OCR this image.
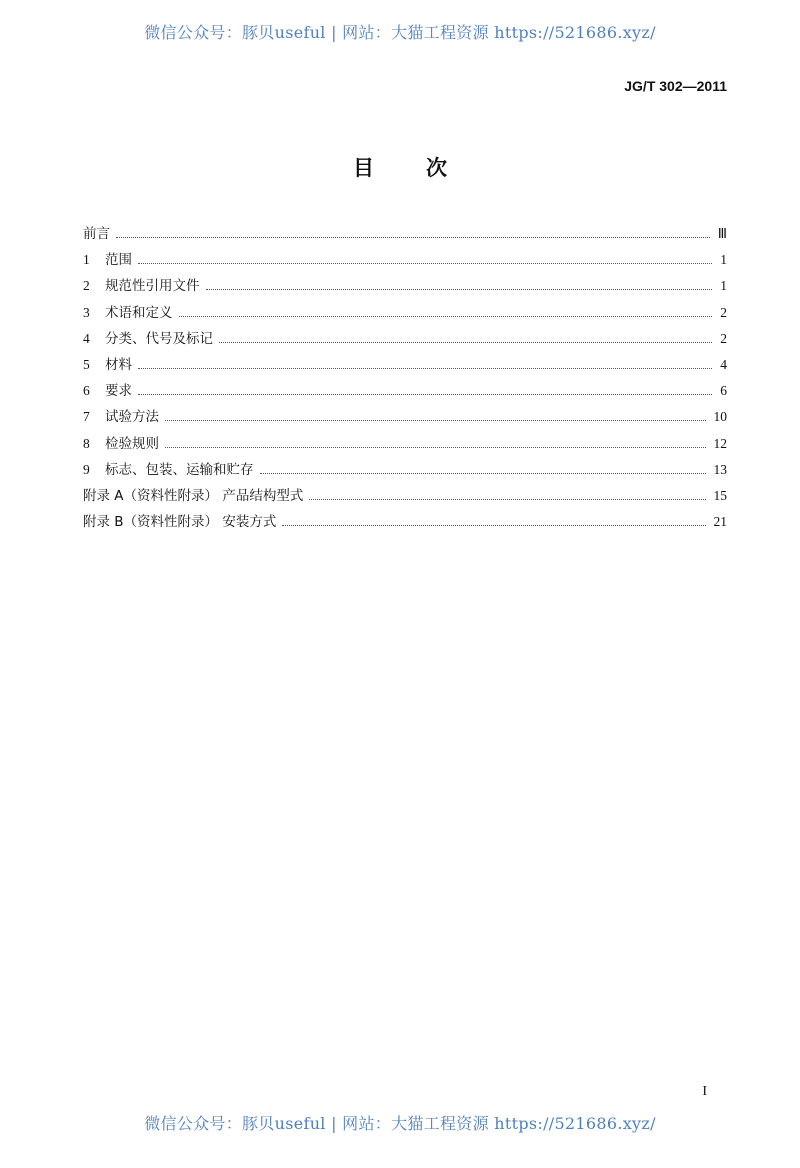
微信公众号：豚贝useful | 网站：大猫工程资源 https://521686.xyz/
JG/T 302—2011
目次
前言	Ⅲ
1	范围	1
2	规范性引用文件	1
3	术语和定义	2
4	分类、代号及标记	2
5	材料	4
6	要求	6
7	试验方法	10
8	检验规则	12
9	标志、包装、运输和贮存	13
附录 A（资料性附录） 产品结构型式	15
附录 B（资料性附录） 安装方式	21
I
微信公众号：豚贝useful | 网站：大猫工程资源 https://521686.xyz/
